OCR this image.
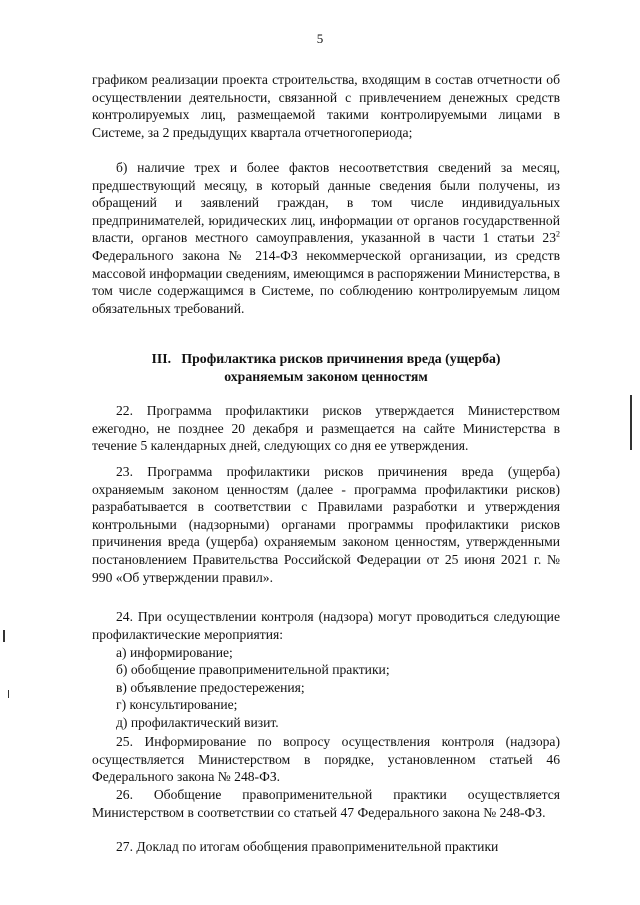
5
графиком реализации проекта строительства, входящим в состав отчетности об осуществлении деятельности, связанной с привлечением денежных средств контролируемых лиц, размещаемой такими контролируемыми лицами в Системе, за 2 предыдущих квартала отчетногопериода;
б) наличие трех и более фактов несоответствия сведений за месяц, предшествующий месяцу, в который данные сведения были получены, из обращений и заявлений граждан, в том числе индивидуальных предпринимателей, юридических лиц, информации от органов государственной власти, органов местного самоуправления, указанной в части 1 статьи $23^2$ Федерального закона № 214-ФЗ некоммерческой организации, из средств массовой информации сведениям, имеющимся в распоряжении Министерства, в том числе содержащимся в Системе, по соблюдению контролируемым лицом обязательных требований.
III.   Профилактика рисков причинения вреда (ущерба)
охраняемым законом ценностям
22. Программа профилактики рисков утверждается Министерством ежегодно, не позднее 20 декабря и размещается на сайте Министерства в течение 5 календарных дней, следующих со дня ее утверждения.
23. Программа профилактики рисков причинения вреда (ущерба) охраняемым законом ценностям (далее - программа профилактики рисков) разрабатывается в соответствии с Правилами разработки и утверждения контрольными (надзорными) органами программы профилактики рисков причинения вреда (ущерба) охраняемым законом ценностям, утвержденными постановлением Правительства Российской Федерации от 25 июня 2021 г. № 990 «Об утверждении правил».
24. При осуществлении контроля (надзора) могут проводиться следующие профилактические мероприятия:
а) информирование;
б) обобщение правоприменительной практики;
в) объявление предостережения;
г) консультирование;
д) профилактический визит.
25. Информирование по вопросу осуществления контроля (надзора) осуществляется Министерством в порядке, установленном статьей 46 Федерального закона № 248-ФЗ.
26. Обобщение правоприменительной практики осуществляется Министерством в соответствии со статьей 47 Федерального закона № 248-ФЗ.
27. Доклад по итогам обобщения правоприменительной практики
